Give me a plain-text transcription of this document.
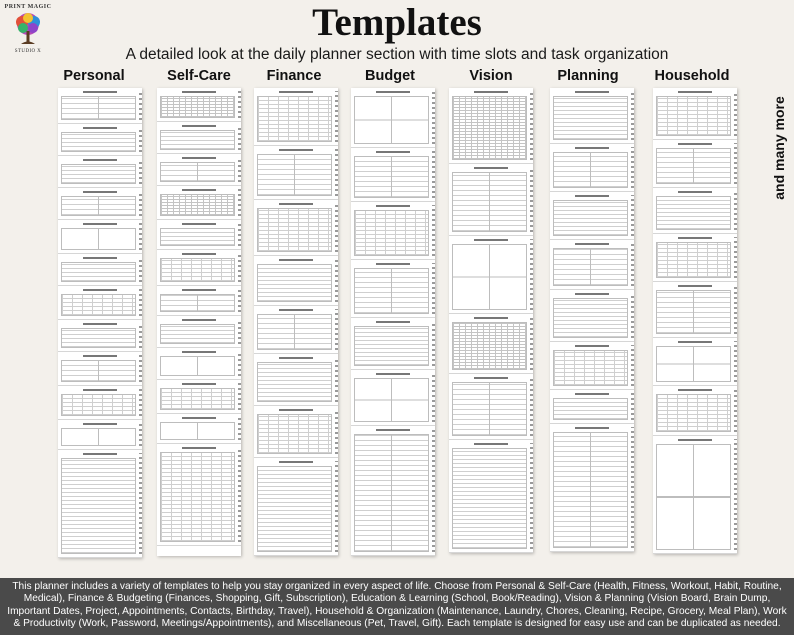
PRINT MAGIC
STUDIO X
Templates
A detailed look at the daily planner section with time slots and task organization
Personal	Self-Care	Finance	Budget	Vision	Planning	Household
and many more
This planner includes a variety of templates to help you stay organized in every aspect of life. Choose from Personal & Self-Care (Health, Fitness, Workout, Habit, Routine, Medical), Finance & Budgeting (Finances, Shopping, Gift, Subscription), Education & Learning (School, Book/Reading), Vision & Planning (Vision Board, Brain Dump, Important Dates, Project, Appointments, Contacts, Birthday, Travel), Household & Organization (Maintenance, Laundry, Chores, Cleaning, Recipe, Grocery, Meal Plan), Work & Productivity (Work, Password, Meetings/Appointments), and Miscellaneous (Pet, Travel, Gift). Each template is designed for easy use and can be duplicated as needed.
